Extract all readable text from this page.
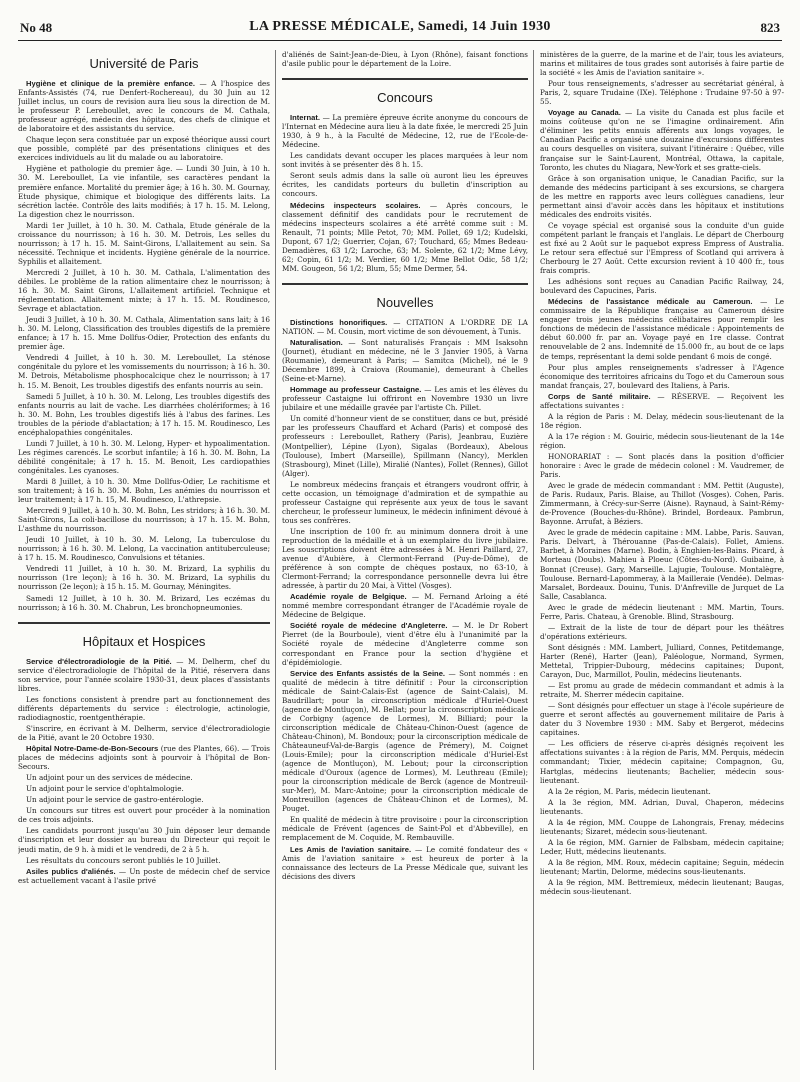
No 48	LA PRESSE MÉDICALE, Samedi, 14 Juin 1930	823
Université de Paris

Hygiène et clinique de la première enfance. — A l'hospice des Enfants-Assistés (74, rue Denfert-Rochereau), du 30 Juin au 12 Juillet inclus, un cours de revision aura lieu sous la direction de M. le professeur P. Lereboullet, avec le concours de M. Cathala, professeur agrégé, médecin des hôpitaux, des chefs de clinique et de laboratoire et des assistants du service.

Chaque leçon sera constituée par un exposé théorique aussi court que possible, complété par des présentations cliniques et des exercices individuels au lit du malade ou au laboratoire.

Hygiène et pathologie du premier âge. — Lundi 30 Juin, à 10 h. 30. M. Lereboullet, La vie infantile, ses caractères pendant la première enfance. Mortalité du premier âge; à 16 h. 30. M. Gournay, Etude physique, chimique et biologique des différents laits. La sécrétion lactée. Contrôle des laits modifiés; à 17 h. 15. M. Lelong, La digestion chez le nourrisson.

Mardi 1er Juillet, à 10 h. 30. M. Cathala, Etude générale de la croissance du nourrisson; à 16 h. 30. M. Detrois, Les selles du nourrisson; à 17 h. 15. M. Saint-Girons, L'allaitement au sein. Sa nécessité. Technique et incidents. Hygiène générale de la nourrice. Syphilis et allaitement.

Mercredi 2 Juillet, à 10 h. 30. M. Cathala, L'alimentation des débiles. Le problème de la ration alimentaire chez le nourrisson; à 16 h. 30. M. Saint Girons, L'allaitement artificiel. Technique et réglementation. Allaitement mixte; à 17 h. 15. M. Roudinesco, Sevrage et ablactation.

Jeudi 3 Juillet, à 10 h. 30. M. Cathala, Alimentation sans lait; à 16 h. 30. M. Lelong, Classification des troubles digestifs de la première enfance; à 17 h. 15. Mme Dollfus-Odier, Protection des enfants du premier âge.

Vendredi 4 Juillet, à 10 h. 30. M. Lereboullet, La sténose congénitale du pylore et les vomissements du nourrisson; à 16 h. 30. M. Detrois, Métabolisme phosphocalcique chez le nourrisson; à 17 h. 15. M. Benoit, Les troubles digestifs des enfants nourris au sein.

Samedi 5 Juillet, à 10 h. 30. M. Lelong, Les troubles digestifs des enfants nourris au lait de vache. Les diarrhées cholériformes; à 16 h. 30. M. Bohn, Les troubles digestifs liés à l'abus des farines. Les troubles de la période d'ablactation; à 17 h. 15. M. Roudinesco, Les encéphalopathies congénitales.

Lundi 7 Juillet, à 10 h. 30. M. Lelong, Hyper- et hypoalimentation. Les régimes carencés. Le scorbut infantile; à 16 h. 30. M. Bohn, La débilité congénitale; à 17 h. 15. M. Benoit, Les cardiopathies congénitales. Les cyanoses.

Mardi 8 Juillet, à 10 h. 30. Mme Dollfus-Odier, Le rachitisme et son traitement; à 16 h. 30. M. Bohn, Les anémies du nourrisson et leur traitement; à 17 h. 15, M. Roudinesco, L'athrepsie.

Mercredi 9 Juillet, à 10 h. 30. M. Bohn, Les stridors; à 16 h. 30. M. Saint-Girons, La coli-bacillose du nourrisson; à 17 h. 15. M. Bohn, L'asthme du nourrisson.

Jeudi 10 Juillet, à 10 h. 30. M. Lelong, La tuberculose du nourrisson; à 16 h. 30. M. Lelong, La vaccination antituberculeuse; à 17 h. 15. M. Roudinesco, Convulsions et tétanies.

Vendredi 11 Juillet, à 10 h. 30. M. Brizard, La syphilis du nourrisson (1re leçon); à 16 h. 30. M. Brizard, La syphilis du nourrisson (2e leçon); à 15 h. 15. M. Gournay, Méningites.

Samedi 12 Juillet, à 10 h. 30. M. Brizard, Les eczémas du nourrisson; à 16 h. 30. M. Chabrun, Les bronchopneumonies.

Hôpitaux et Hospices

Service d'électroradiologie de la Pitié. — M. Delherm, chef du service d'électroradiologie de l'hôpital de la Pitié, réservera dans son service, pour l'année scolaire 1930-31, deux places d'assistants libres.

Les fonctions consistent à prendre part au fonctionnement des différents départements du service : électrologie, actinologie, radiodiagnostic, roentgenthérapie.

S'inscrire, en écrivant à M. Delherm, service d'électroradiologie de la Pitié, avant le 20 Octobre 1930.

Hôpital Notre-Dame-de-Bon-Secours (rue des Plantes, 66). — Trois places de médecins adjoints sont à pourvoir à l'hôpital de Bon-Secours.

Un adjoint pour un des services de médecine.

Un adjoint pour le service d'ophtalmologie.

Un adjoint pour le service de gastro-entérologie.

Un concours sur titres est ouvert pour procéder à la nomination de ces trois adjoints.

Les candidats pourront jusqu'au 30 Juin déposer leur demande d'inscription et leur dossier au bureau du Directeur qui reçoit le jeudi matin, de 9 h. à midi et le vendredi, de 2 à 5 h.

Les résultats du concours seront publiés le 10 Juillet.

Asiles publics d'aliénés. — Un poste de médecin chef de service est actuellement vacant à l'asile privé

d'aliénés de Saint-Jean-de-Dieu, à Lyon (Rhône), faisant fonctions d'asile public pour le département de la Loire.

Concours

Internat. — La première épreuve écrite anonyme du concours de l'Internat en Médecine aura lieu à la date fixée, le mercredi 25 Juin 1930, à 9 h., à la Faculté de Médecine, 12, rue de l'Ecole-de-Médecine.

Les candidats devant occuper les places marquées à leur nom sont invités à se présenter dès 8 h. 15.

Seront seuls admis dans la salle où auront lieu les épreuves écrites, les candidats porteurs du bulletin d'inscription au concours.

Médecins inspecteurs scolaires. — Après concours, le classement définitif des candidats pour le recrutement de médecins inspecteurs scolaires a été arrêté comme suit : M. Renault, 71 points; Mlle Petot, 70; MM. Pollet, 69 1/2; Kudelski, Dupont, 67 1/2; Guerrier, Cojan, 67; Touchard, 65; Mmes Bedeau-Demadières, 63 1/2; Laroche, 63; M. Solente, 62 1/2; Mme Lévy, 62; Copin, 61 1/2; M. Verdier, 60 1/2; Mme Bellot Odic, 58 1/2; MM. Gougeon, 56 1/2; Blum, 55; Mme Dermer, 54.

Nouvelles

Distinctions honorifiques. — CITATION A L'ORDRE DE LA NATION. — M. Cousin, mort victime de son dévouement, à Tunis.

Naturalisation. — Sont naturalisés Français : MM Isaksohn (Journet), étudiant en médecine, né le 3 Janvier 1905, à Varna (Roumanie), demeurant à Paris; — Samitca (Michel), né le 9 Décembre 1899, à Craiova (Roumanie), demeurant à Chelles (Seine-et-Marne).

Hommage au professeur Castaigne. — Les amis et les élèves du professeur Castaigne lui offriront en Novembre 1930 un livre jubilaire et une médaille gravée par l'artiste Ch. Pillet.

Un comité d'honneur vient de se constituer, dans ce but, présidé par les professeurs Chauffard et Achard (Paris) et composé des professeurs : Lereboullet, Rathery (Paris), Jeanbrau, Euzière (Montpellier), Lépine (Lyon), Sigalas (Bordeaux), Abelous (Toulouse), Imbert (Marseille), Spillmann (Nancy), Merklen (Strasbourg), Minet (Lille), Miralié (Nantes), Follet (Rennes), Gillot (Alger).

Le nombreux médecins français et étrangers voudront offrir, à cette occasion, un témoignage d'admiration et de sympathie au professeur Castaigne qui représente aux yeux de tous le savant chercheur, le professeur lumineux, le médecin infiniment dévoué à tous ses confrères.

Une inscription de 100 fr. au minimum donnera droit à une reproduction de la médaille et à un exemplaire du livre jubilaire. Les souscriptions doivent être adressées à M. Henri Paillard, 27, avenue d'Aubière, à Clermont-Ferrand (Puy-de-Dôme), de préférence à son compte de chèques postaux, no 63-10, à Clermont-Ferrand; la correspondance personnelle devra lui être adressée, à partir du 20 Mai, à Vittel (Vosges).

Académie royale de Belgique. — M. Fernand Arloing a été nommé membre correspondant étranger de l'Académie royale de Médecine de Belgique.

Société royale de médecine d'Angleterre. — M. le Dr Robert Pierret (de la Bourboule), vient d'être élu à l'unanimité par la Société royale de médecine d'Angleterre comme son correspondant en France pour la section d'hygiène et d'épidémiologie.

Service des Enfants assistés de la Seine. — Sont nommés : en qualité de médecin à titre définitif : Pour la circonscription médicale de Saint-Calais-Est (agence de Saint-Calais), M. Baudrillart; pour la circonscription médicale d'Huriel-Ouest (agence de Montluçon), M. Bellat; pour la circonscription médicale de Corbigny (agence de Lormes), M. Billiard; pour la circonscription médicale de Château-Chinon-Ouest (agence de Château-Chinon), M. Bondoux; pour la circonscription médicale de Châteauneuf-Val-de-Bargis (agence de Prémery), M. Coignet (Louis-Emile); pour la circonscription médicale d'Huriel-Est (agence de Montluçon), M. Lebout; pour la circonscription médicale d'Ouroux (agence de Lormes), M. Leuthreau (Emile); pour la circonscription médicale de Berck (agence de Montreuil-sur-Mer), M. Marc-Antoine; pour la circonscription médicale de Montreuillon (agences de Château-Chinon et de Lormes), M. Pouget.

En qualité de médecin à titre provisoire : pour la circonscription médicale de Frévent (agences de Saint-Pol et d'Abbeville), en remplacement de M. Coquide, M. Rembauville.

Les Amis de l'aviation sanitaire. — Le comité fondateur des « Amis de l'aviation sanitaire » est heureux de porter à la connaissance des lecteurs de La Presse Médicale que, suivant les décisions des divers

ministères de la guerre, de la marine et de l'air, tous les aviateurs, marins et militaires de tous grades sont autorisés à faire partie de la société « les Amis de l'aviation sanitaire ».

Pour tous renseignements, s'adresser au secrétariat général, à Paris, 2, square Trudaine (IXe). Téléphone : Trudaine 97-50 à 97-55.

Voyage au Canada. — La visite du Canada est plus facile et moins coûteuse qu'on ne se l'imagine ordinairement. Afin d'éliminer les petits ennuis afférents aux longs voyages, le Canadian Pacific a organisé une douzaine d'excursions différentes au cours desquelles on visitera, suivant l'itinéraire : Québec, ville française sur le Saint-Laurent, Montréal, Ottawa, la capitale, Toronto, les chutes du Niagara, New-York et ses gratte-ciels.

Grâce à son organisation unique, le Canadian Pacific, sur la demande des médecins participant à ses excursions, se chargera de les mettre en rapports avec leurs collègues canadiens, leur permettant ainsi d'avoir accès dans les hôpitaux et institutions médicales des endroits visités.

Ce voyage spécial est organisé sous la conduite d'un guide compétent parlant le français et l'anglais. Le départ de Cherbourg est fixé au 2 Août sur le paquebot express Empress of Australia. Le retour sera effectué sur l'Empress of Scotland qui arrivera à Cherbourg le 27 Août. Cette excursion revient à 10 400 fr., tous frais compris.

Les adhésions sont reçues au Canadian Pacific Railway, 24, boulevard des Capucines, Paris.

Médecins de l'assistance médicale au Cameroun. — Le commissaire de la République française au Cameroun désire engager trois jeunes médecins célibataires pour remplir les fonctions de médecin de l'assistance médicale : Appointements de début 60.000 fr. par an. Voyage payé en 1re classe. Contrat renouvelable de 2 ans. Indemnité de 15.000 fr., au bout de ce laps de temps, représentant la demi solde pendant 6 mois de congé.

Pour plus amples renseignements s'adresser à l'Agence économique des territoires africains du Togo et du Cameroun sous mandat français, 27, boulevard des Italiens, à Paris.

Corps de Santé militaire. — RÉSERVE. — Reçoivent les affectations suivantes :

A la région de Paris : M. Delay, médecin sous-lieutenant de la 18e région.

A la 17e région : M. Gouiric, médecin sous-lieutenant de la 14e région.

HONORARIAT : — Sont placés dans la position d'officier honoraire : Avec le grade de médecin colonel : M. Vaudremer, de Paris.

Avec le grade de médecin commandant : MM. Pettit (Auguste), de Paris. Rudaux, Paris. Blaise, au Thillot (Vosges). Cohen, Paris. Zimmermann, à Crécy-sur-Serre (Aisne). Raynaud, à Saint-Rémy-de-Provence (Bouches-du-Rhône). Brindel, Bordeaux. Pambrun, Bayonne. Arrufat, à Béziers.

Avec le grade de médecin capitaine : MM. Labbe, Paris. Sauvan, Paris. Delvart, à Thérouanne (Pas-de-Calais). Follet, Amiens. Barbet, à Moraines (Marne). Bodin, à Enghien-les-Bains. Picard, à Morteau (Doubs). Mahieu à Ploeuc (Côtes-du-Nord). Guibaine, à Bonnat (Creuse). Gary, Marseille. Lajugie, Toulouse. Montalègre, Toulouse. Bernard-Lapommeray, à la Mailleraie (Vendée). Delmas-Marsalet, Bordeaux. Douinu, Tunis. D'Anfreville de Jurquet de La Salle, Casablanca.

Avec le grade de médecin lieutenant : MM. Martin, Tours. Ferre, Paris. Chateau, à Grenoble. Blind, Strasbourg.

— Extrait de la liste de tour de départ pour les théâtres d'opérations extérieurs.

Sont désignés : MM. Lambert, Julliard, Connes, Petitdemange, Harter (René), Harter (Jean), Paléologue, Normand, Syrmen, Mettetal, Trippier-Dubourg, médecins capitaines; Dupont, Carayon, Duc, Marmillot, Poulin, médecins lieutenants.

— Est promu au grade de médecin commandant et admis à la retraite, M. Sherrer médecin capitaine.

— Sont désignés pour effectuer un stage à l'école supérieure de guerre et seront affectés au gouvernement militaire de Paris à dater du 3 Novembre 1930 : MM. Saby et Bergerot, médecins capitaines.

— Les officiers de réserve ci-après désignés reçoivent les affectations suivantes : à la région de Paris, MM. Perquis, médecin commandant; Tixier, médecin capitaine; Compagnon, Gu, Hartglas, médecins lieutenants; Bachelier, médecin sous-lieutenant.

A la 2e région, M. Paris, médecin lieutenant.

A la 3e région, MM. Adrian, Duval, Chaperon, médecins lieutenants.

A la 4e région, MM. Couppe de Lahongrais, Frenay, médecins lieutenants; Sizaret, médecin sous-lieutenant.

A la 6e région, MM. Garnier de Falbsbam, médecin capitaine; Leder, Hutt, médecins lieutenants.

A la 8e région, MM. Roux, médecin capitaine; Seguin, médecin lieutenant; Martin, Delorme, médecins sous-lieutenants.

A la 9e région, MM. Bettremieux, médecin lieutenant; Baugas, médecin sous-lieutenant.
